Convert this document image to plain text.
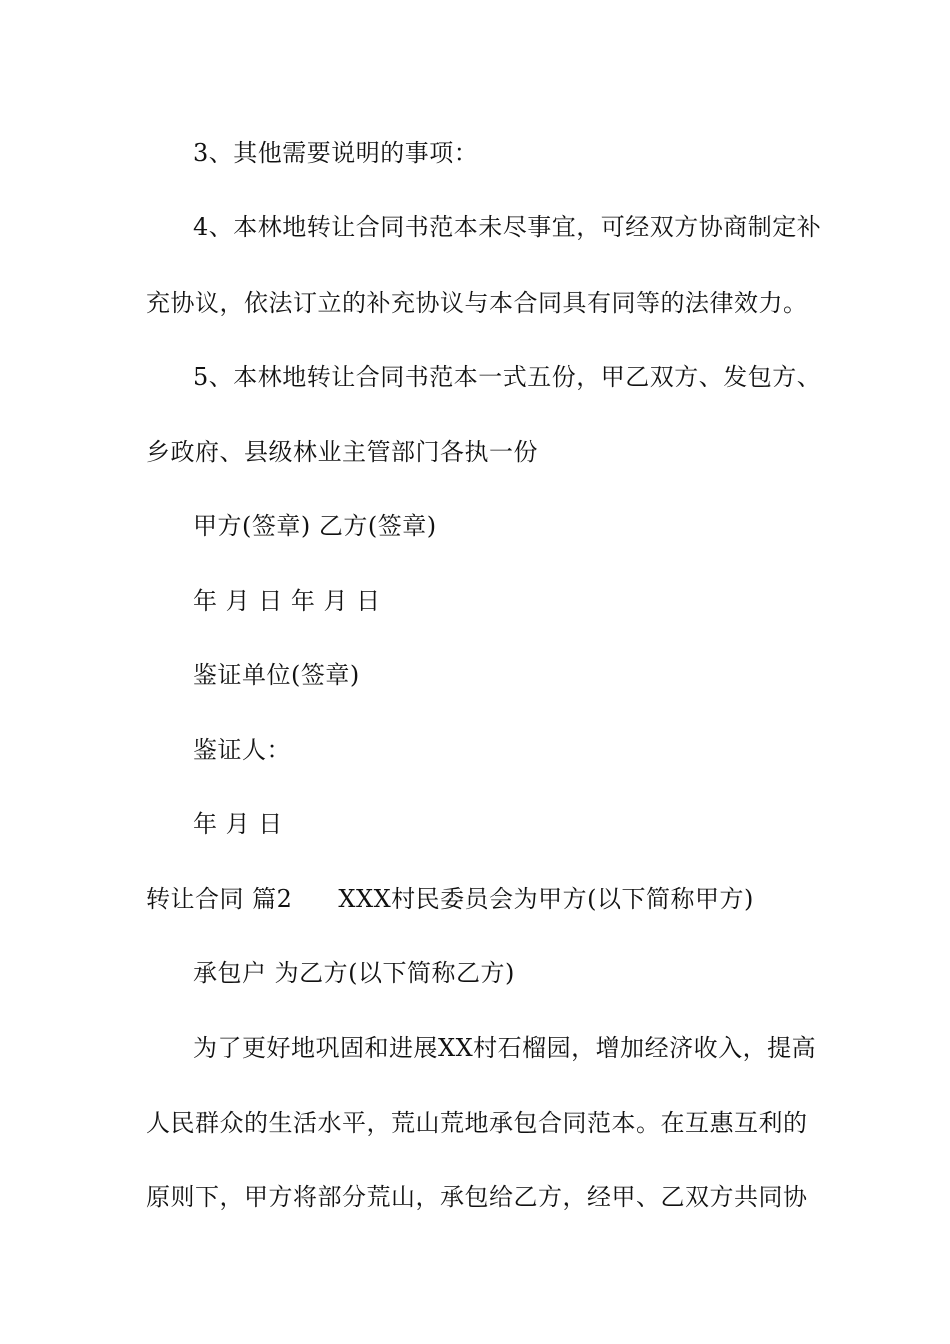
3、其他需要说明的事项：
4、本林地转让合同书范本未尽事宜，可经双方协商制定补
充协议，依法订立的补充协议与本合同具有同等的法律效力。
5、本林地转让合同书范本一式五份，甲乙双方、发包方、
乡政府、县级林业主管部门各执一份
甲方(签章) 乙方(签章)
年 月 日 年 月 日
鉴证单位(签章)
鉴证人：
年 月 日
转让合同 篇2 XXX村民委员会为甲方(以下简称甲方)
承包户 为乙方(以下简称乙方)
为了更好地巩固和进展XX村石榴园，增加经济收入，提高
人民群众的生活水平，荒山荒地承包合同范本。在互惠互利的
原则下，甲方将部分荒山，承包给乙方，经甲、乙双方共同协
